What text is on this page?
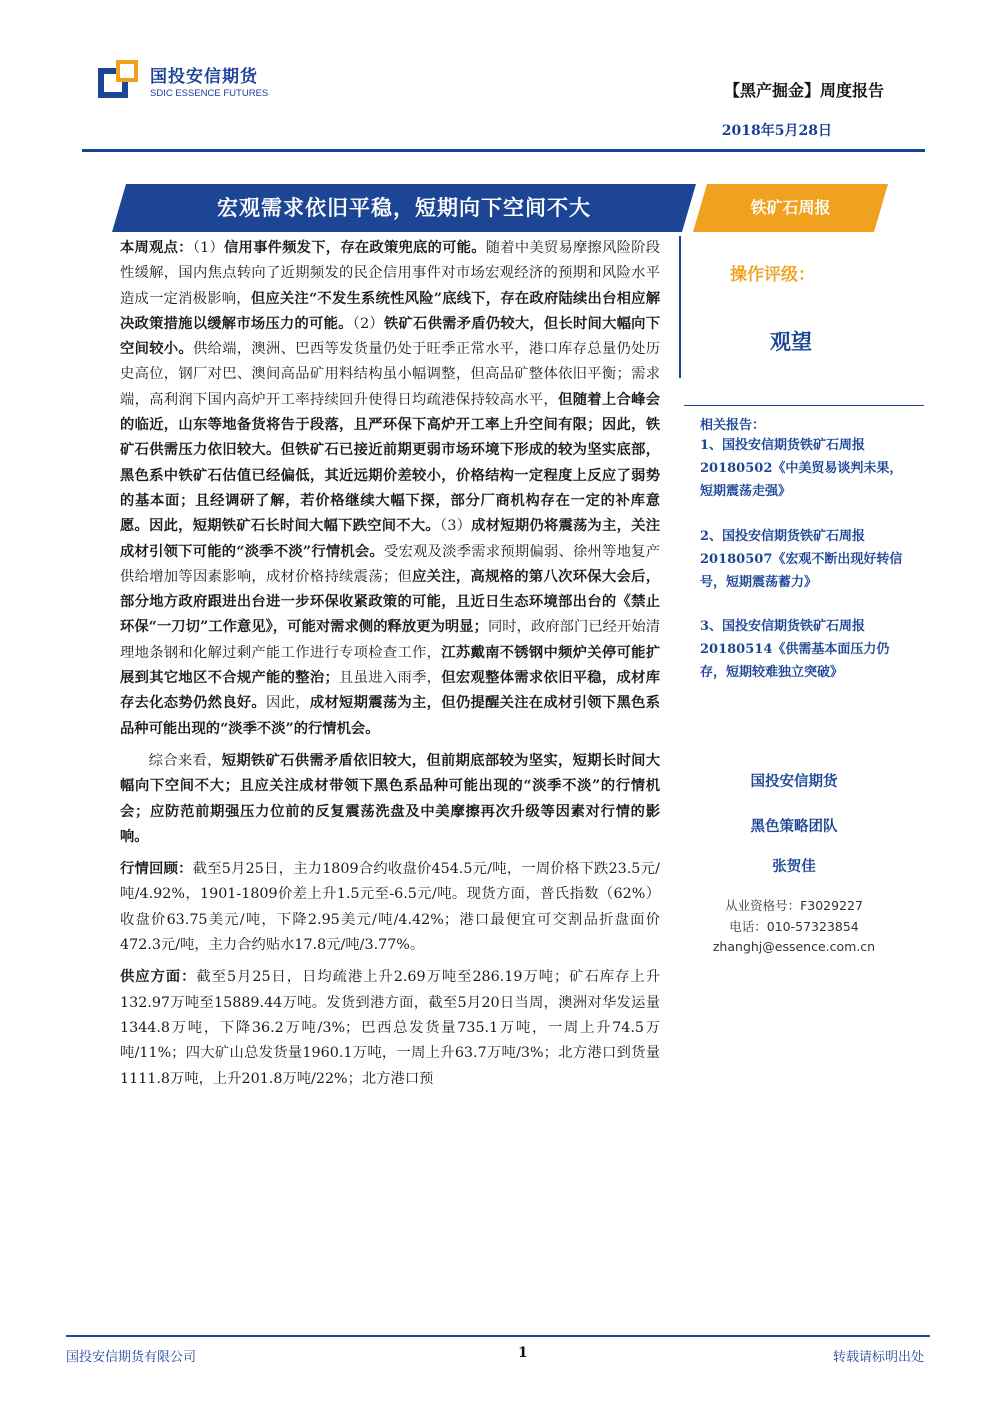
国投安信期货
SDIC ESSENCE FUTURES	【黑产掘金】周度报告
2018年5月28日
宏观需求依旧平稳，短期向下空间不大	铁矿石周报

本周观点：（1）信用事件频发下，存在政策兜底的可能。随着中美贸易摩擦风险阶段性缓解，国内焦点转向了近期频发的民企信用事件对市场宏观经济的预期和风险水平造成一定消极影响，但应关注“不发生系统性风险”底线下，存在政府陆续出台相应解决政策措施以缓解市场压力的可能。（2）铁矿石供需矛盾仍较大，但长时间大幅向下空间较小。供给端，澳洲、巴西等发货量仍处于旺季正常水平，港口库存总量仍处历史高位，钢厂对巴、澳间高品矿用料结构虽小幅调整，但高品矿整体依旧平衡；需求端，高利润下国内高炉开工率持续回升使得日均疏港保持较高水平，但随着上合峰会的临近，山东等地备货将告于段落，且严环保下高炉开工率上升空间有限；因此，铁矿石供需压力依旧较大。但铁矿石已接近前期更弱市场环境下形成的较为坚实底部，黑色系中铁矿石估值已经偏低，其近远期价差较小，价格结构一定程度上反应了弱势的基本面；且经调研了解，若价格继续大幅下探，部分厂商机构存在一定的补库意愿。因此，短期铁矿石长时间大幅下跌空间不大。（3）成材短期仍将震荡为主，关注成材引领下可能的“淡季不淡”行情机会。受宏观及淡季需求预期偏弱、徐州等地复产供给增加等因素影响，成材价格持续震荡；但应关注，高规格的第八次环保大会后，部分地方政府跟进出台进一步环保收紧政策的可能，且近日生态环境部出台的《禁止环保“一刀切”工作意见》，可能对需求侧的释放更为明显；同时，政府部门已经开始清理地条钢和化解过剩产能工作进行专项检查工作，江苏戴南不锈钢中频炉关停可能扩展到其它地区不合规产能的整治；且虽进入雨季，但宏观整体需求依旧平稳，成材库存去化态势仍然良好。因此，成材短期震荡为主，但仍提醒关注在成材引领下黑色系品种可能出现的“淡季不淡”的行情机会。

综合来看，短期铁矿石供需矛盾依旧较大，但前期底部较为坚实，短期长时间大幅向下空间不大；且应关注成材带领下黑色系品种可能出现的“淡季不淡”的行情机会；应防范前期强压力位前的反复震荡洗盘及中美摩擦再次升级等因素对行情的影响。

行情回顾：截至5月25日，主力1809合约收盘价454.5元/吨，一周价格下跌23.5元/吨/4.92%，1901-1809价差上升1.5元至-6.5元/吨。现货方面，普氏指数（62%）收盘价63.75美元/吨，下降2.95美元/吨/4.42%；港口最便宜可交割品折盘面价472.3元/吨，主力合约贴水17.8元/吨/3.77%。

供应方面：截至5月25日，日均疏港上升2.69万吨至286.19万吨；矿石库存上升132.97万吨至15889.44万吨。发货到港方面，截至5月20日当周，澳洲对华发运量1344.8万吨，下降36.2万吨/3%；巴西总发货量735.1万吨，一周上升74.5万吨/11%；四大矿山总发货量1960.1万吨，一周上升63.7万吨/3%；北方港口到货量1111.8万吨，上升201.8万吨/22%；北方港口预

操作评级：
观望
相关报告：
1、国投安信期货铁矿石周报20180502《中美贸易谈判未果，短期震荡走强》
2、国投安信期货铁矿石周报20180507《宏观不断出现好转信号，短期震荡蓄力》
3、国投安信期货铁矿石周报20180514《供需基本面压力仍存，短期较难独立突破》
国投安信期货
黑色策略团队
张贺佳
从业资格号：F3029227
电话：010-57323854
zhanghj@essence.com.cn
国投安信期货有限公司	1	转载请标明出处
